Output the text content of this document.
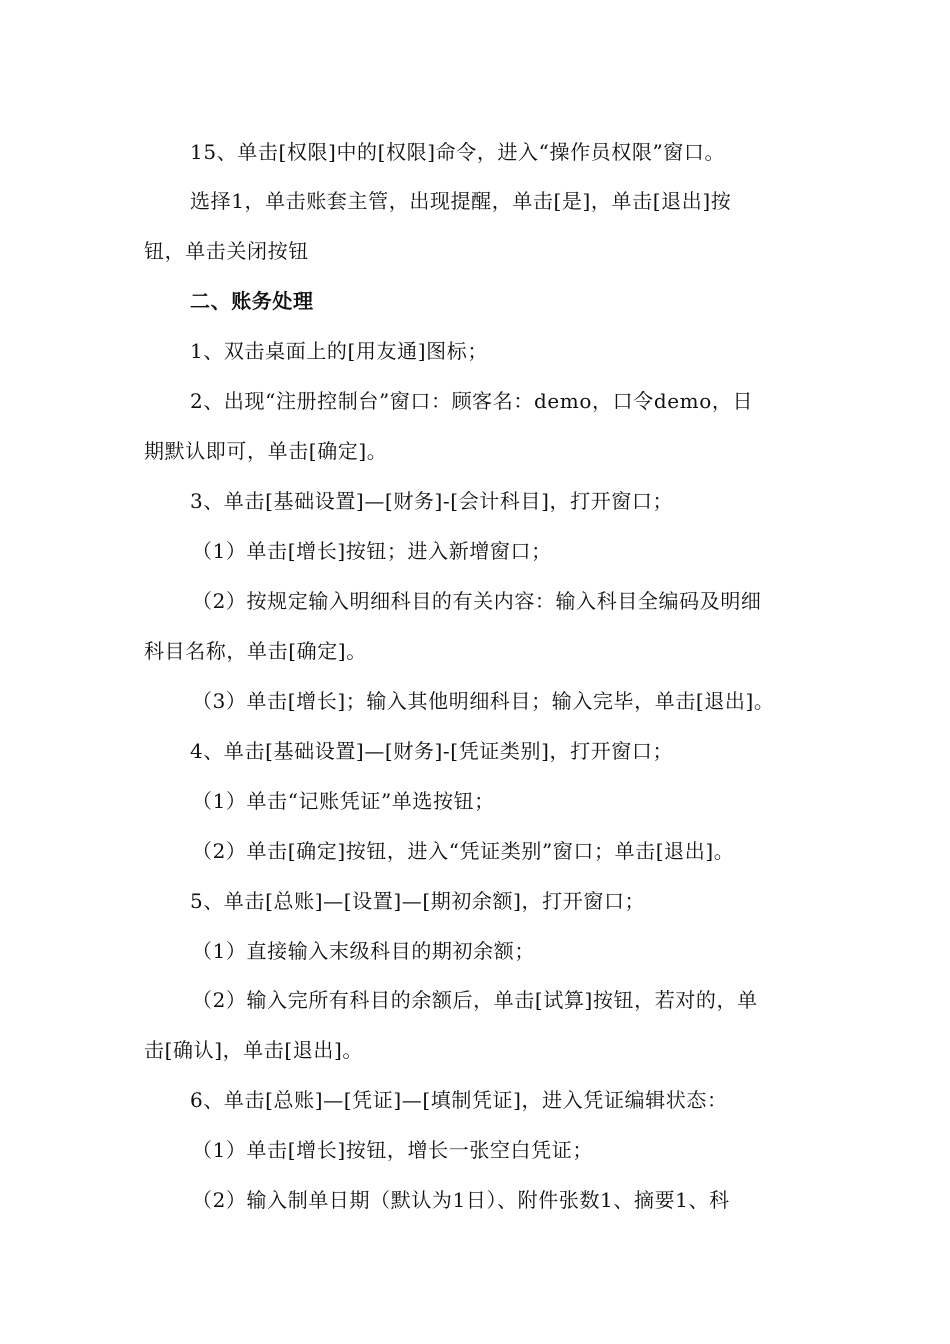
15、单击[权限]中的[权限]命令，进入“操作员权限”窗口。
选择1，单击账套主管，出现提醒，单击[是]，单击[退出]按
钮，单击关闭按钮
二、账务处理
1、双击桌面上的[用友通]图标；
2、出现“注册控制台”窗口：顾客名：demo，口令demo，日
期默认即可，单击[确定]。
3、单击[基础设置]—[财务]-[会计科目]，打开窗口；
（1）单击[增长]按钮；进入新增窗口；
（2）按规定输入明细科目的有关内容：输入科目全编码及明细
科目名称，单击[确定]。
（3）单击[增长]；输入其他明细科目；输入完毕，单击[退出]。
4、单击[基础设置]—[财务]-[凭证类别]，打开窗口；
（1）单击“记账凭证”单选按钮；
（2）单击[确定]按钮，进入“凭证类别”窗口；单击[退出]。
5、单击[总账]—[设置]—[期初余额]，打开窗口；
（1）直接输入末级科目的期初余额；
（2）输入完所有科目的余额后，单击[试算]按钮，若对的，单
击[确认]，单击[退出]。
6、单击[总账]—[凭证]—[填制凭证]，进入凭证编辑状态：
（1）单击[增长]按钮，增长一张空白凭证；
（2）输入制单日期（默认为1日）、附件张数1、摘要1、科
